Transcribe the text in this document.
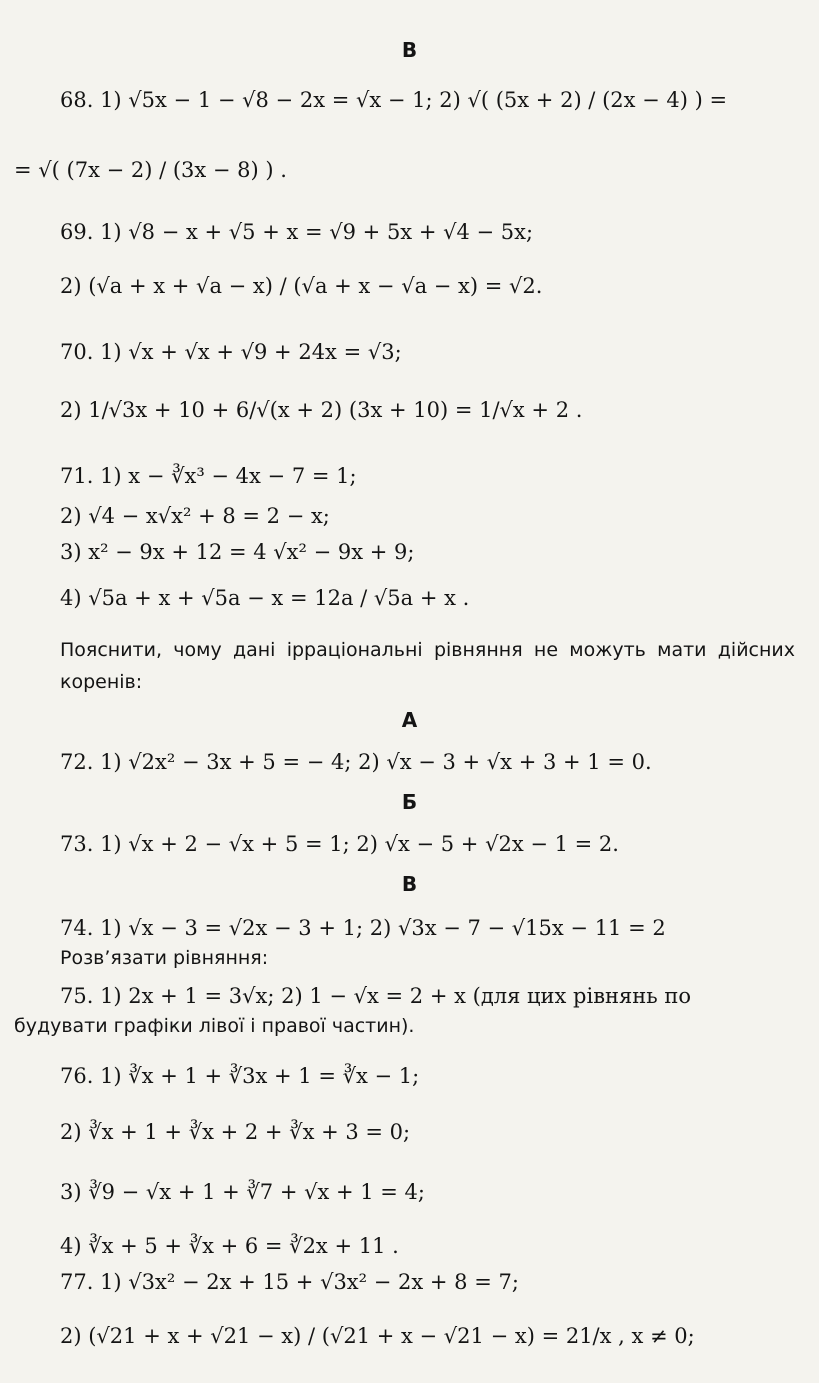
В
68. 1) √5x − 1 − √8 − 2x = √x − 1; 2) √( (5x + 2) / (2x − 4) ) =
= √( (7x − 2) / (3x − 8) ) .
69. 1) √8 − x + √5 + x = √9 + 5x + √4 − 5x;
2) (√a + x + √a − x) / (√a + x − √a − x) = √2.
70. 1) √x + √x + √9 + 24x = √3;
2) 1/√3x + 10 + 6/√(x + 2) (3x + 10) = 1/√x + 2 .
71. 1) x − ∛x³ − 4x − 7 = 1;
2) √4 − x√x² + 8 = 2 − x;
3) x² − 9x + 12 = 4 √x² − 9x + 9;
4) √5a + x + √5a − x = 12a / √5a + x .
Пояснити, чому дані ірраціональні рівняння не можуть мати дійсних коренів:
А
72. 1) √2x² − 3x + 5 = − 4; 2) √x − 3 + √x + 3 + 1 = 0.
Б
73. 1) √x + 2 − √x + 5 = 1; 2) √x − 5 + √2x − 1 = 2.
В
74. 1) √x − 3 = √2x − 3 + 1; 2) √3x − 7 − √15x − 11 = 2
Розв’язати рівняння:
75. 1) 2x + 1 = 3√x; 2) 1 − √x = 2 + x (для цих рівнянь по
будувати графіки лівої і правої частин).
76. 1) ∛x + 1 + ∛3x + 1 = ∛x − 1;
2) ∛x + 1 + ∛x + 2 + ∛x + 3 = 0;
3) ∛9 − √x + 1 + ∛7 + √x + 1 = 4;
4) ∛x + 5 + ∛x + 6 = ∛2x + 11 .
77. 1) √3x² − 2x + 15 + √3x² − 2x + 8 = 7;
2) (√21 + x + √21 − x) / (√21 + x − √21 − x) = 21/x , x ≠ 0;
